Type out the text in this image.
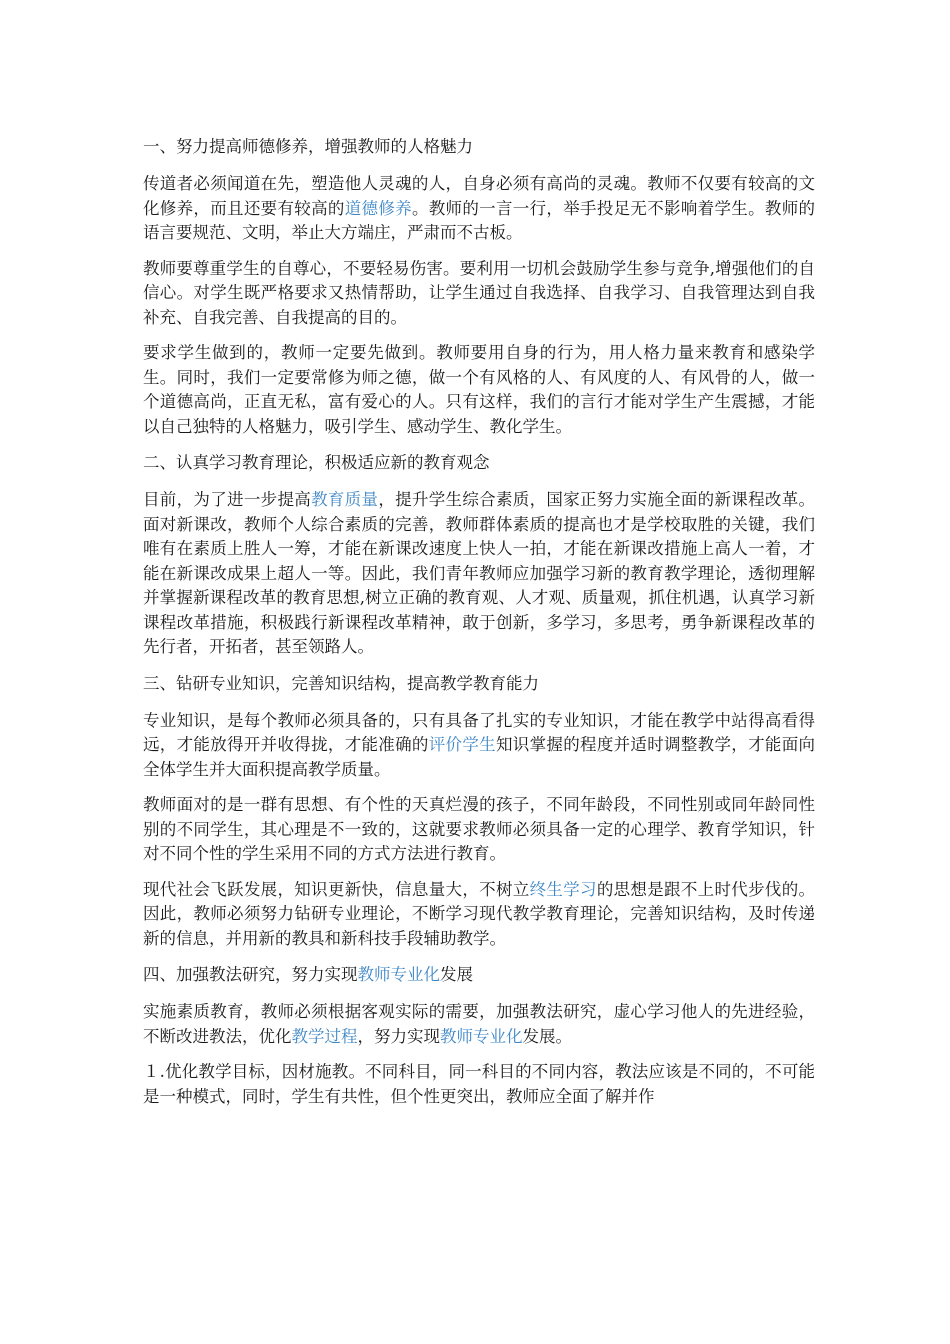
一、努力提高师德修养，增强教师的人格魅力

传道者必须闻道在先，塑造他人灵魂的人，自身必须有高尚的灵魂。教师不仅要有较高的文化修养，而且还要有较高的道德修养。教师的一言一行，举手投足无不影响着学生。教师的语言要规范、文明，举止大方端庄，严肃而不古板。

教师要尊重学生的自尊心，不要轻易伤害。要利用一切机会鼓励学生参与竞争,增强他们的自信心。对学生既严格要求又热情帮助，让学生通过自我选择、自我学习、自我管理达到自我补充、自我完善、自我提高的目的。

要求学生做到的，教师一定要先做到。教师要用自身的行为，用人格力量来教育和感染学生。同时，我们一定要常修为师之德，做一个有风格的人、有风度的人、有风骨的人，做一个道德高尚，正直无私，富有爱心的人。只有这样，我们的言行才能对学生产生震撼，才能以自己独特的人格魅力，吸引学生、感动学生、教化学生。

二、认真学习教育理论，积极适应新的教育观念

目前，为了进一步提高教育质量，提升学生综合素质，国家正努力实施全面的新课程改革。面对新课改，教师个人综合素质的完善，教师群体素质的提高也才是学校取胜的关键，我们唯有在素质上胜人一筹，才能在新课改速度上快人一拍，才能在新课改措施上高人一着，才能在新课改成果上超人一等。因此，我们青年教师应加强学习新的教育教学理论，透彻理解并掌握新课程改革的教育思想,树立正确的教育观、人才观、质量观，抓住机遇，认真学习新课程改革措施，积极践行新课程改革精神，敢于创新，多学习，多思考，勇争新课程改革的先行者，开拓者，甚至领路人。

三、钻研专业知识，完善知识结构，提高教学教育能力

专业知识，是每个教师必须具备的，只有具备了扎实的专业知识，才能在教学中站得高看得远，才能放得开并收得拢，才能准确的评价学生知识掌握的程度并适时调整教学，才能面向全体学生并大面积提高教学质量。

教师面对的是一群有思想、有个性的天真烂漫的孩子，不同年龄段，不同性别或同年龄同性别的不同学生，其心理是不一致的，这就要求教师必须具备一定的心理学、教育学知识，针对不同个性的学生采用不同的方式方法进行教育。

现代社会飞跃发展，知识更新快，信息量大，不树立终生学习的思想是跟不上时代步伐的。因此，教师必须努力钻研专业理论，不断学习现代教学教育理论，完善知识结构，及时传递新的信息，并用新的教具和新科技手段辅助教学。

四、加强教法研究，努力实现教师专业化发展

实施素质教育，教师必须根据客观实际的需要，加强教法研究，虚心学习他人的先进经验，不断改进教法，优化教学过程，努力实现教师专业化发展。

１.优化教学目标，因材施教。不同科目，同一科目的不同内容，教法应该是不同的，不可能是一种模式，同时，学生有共性，但个性更突出，教师应全面了解并作
